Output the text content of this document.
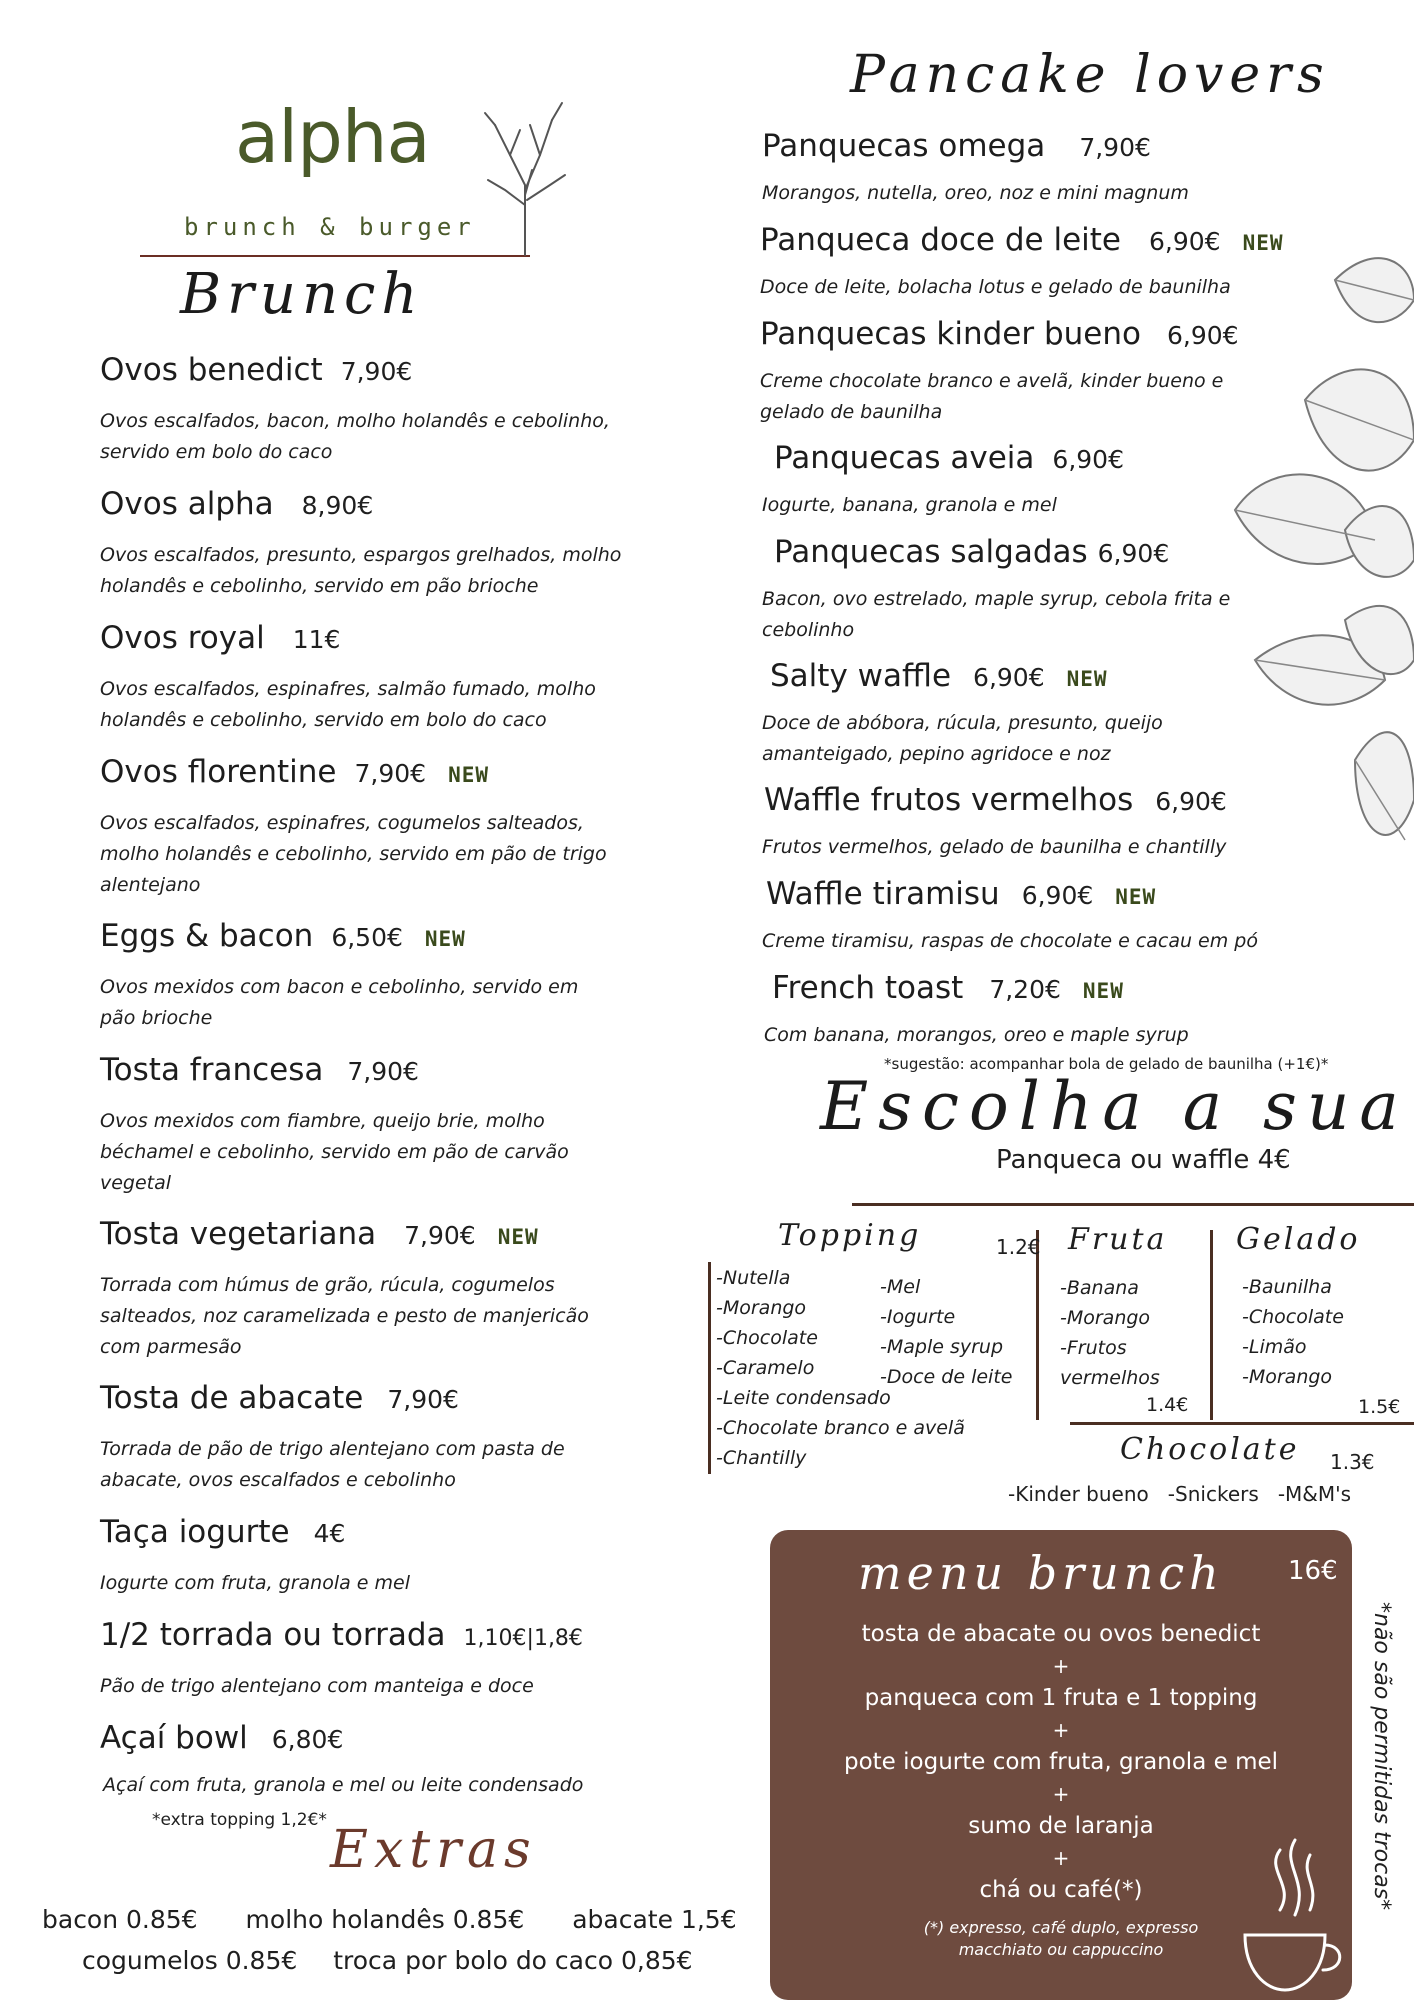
alpha
brunch & burger
Brunch
Ovos benedict 7,90€
Ovos escalfados, bacon, molho holandês e cebolinho, servido em bolo do caco
Ovos alpha 8,90€
Ovos escalfados, presunto, espargos grelhados, molho holandês e cebolinho, servido em pão brioche
Ovos royal 11€
Ovos escalfados, espinafres, salmão fumado, molho holandês e cebolinho, servido em bolo do caco
Ovos florentine 7,90€ NEW
Ovos escalfados, espinafres, cogumelos salteados, molho holandês e cebolinho, servido em pão de trigo alentejano
Eggs & bacon 6,50€ NEW
Ovos mexidos com bacon e cebolinho, servido em pão brioche
Tosta francesa 7,90€
Ovos mexidos com fiambre, queijo brie, molho béchamel e cebolinho, servido em pão de carvão vegetal
Tosta vegetariana 7,90€ NEW
Torrada com húmus de grão, rúcula, cogumelos salteados, noz caramelizada e pesto de manjericão com parmesão
Tosta de abacate 7,90€
Torrada de pão de trigo alentejano com pasta de abacate, ovos escalfados e cebolinho
Taça iogurte 4€
Iogurte com fruta, granola e mel
1/2 torrada ou torrada 1,10€|1,8€
Pão de trigo alentejano com manteiga e doce
Açaí bowl 6,80€
Açaí com fruta, granola e mel ou leite condensado
*extra topping 1,2€* Extras
bacon 0.85€ molho holandês 0.85€ abacate 1,5€
cogumelos 0.85€ troca por bolo do caco 0,85€
Pancake lovers
Panquecas omega 7,90€
Morangos, nutella, oreo, noz e mini magnum
Panqueca doce de leite 6,90€ NEW
Doce de leite, bolacha lotus e gelado de baunilha
Panquecas kinder bueno 6,90€
Creme chocolate branco e avelã, kinder bueno e gelado de baunilha
Panquecas aveia 6,90€
Iogurte, banana, granola e mel
Panquecas salgadas 6,90€
Bacon, ovo estrelado, maple syrup, cebola frita e cebolinho
Salty waffle 6,90€ NEW
Doce de abóbora, rúcula, presunto, queijo amanteigado, pepino agridoce e noz
Waffle frutos vermelhos 6,90€
Frutos vermelhos, gelado de baunilha e chantilly
Waffle tiramisu 6,90€ NEW
Creme tiramisu, raspas de chocolate e cacau em pó
French toast 7,20€ NEW
Com banana, morangos, oreo e maple syrup
*sugestão: acompanhar bola de gelado de baunilha (+1€)*
Escolha a sua
Panqueca ou waffle 4€
Topping	1.2€
-Nutella
-Morango
-Chocolate
-Caramelo
-Leite condensado
-Chocolate branco e avelã
-Chantilly
-Mel
-Iogurte
-Maple syrup
-Doce de leite
Fruta
-Banana
-Morango
-Frutos
vermelhos
1.4€
Gelado
-Baunilha
-Chocolate
-Limão
-Morango
1.5€
Chocolate 1.3€
-Kinder bueno   -Snickers   -M&M's
menu brunch 16€
tosta de abacate ou ovos benedict
+
panqueca com 1 fruta e 1 topping
+
pote iogurte com fruta, granola e mel
+
sumo de laranja
+
chá ou café(*)
(*) expresso, café duplo, expresso
macchiato ou cappuccino
*não são permitidas trocas*
